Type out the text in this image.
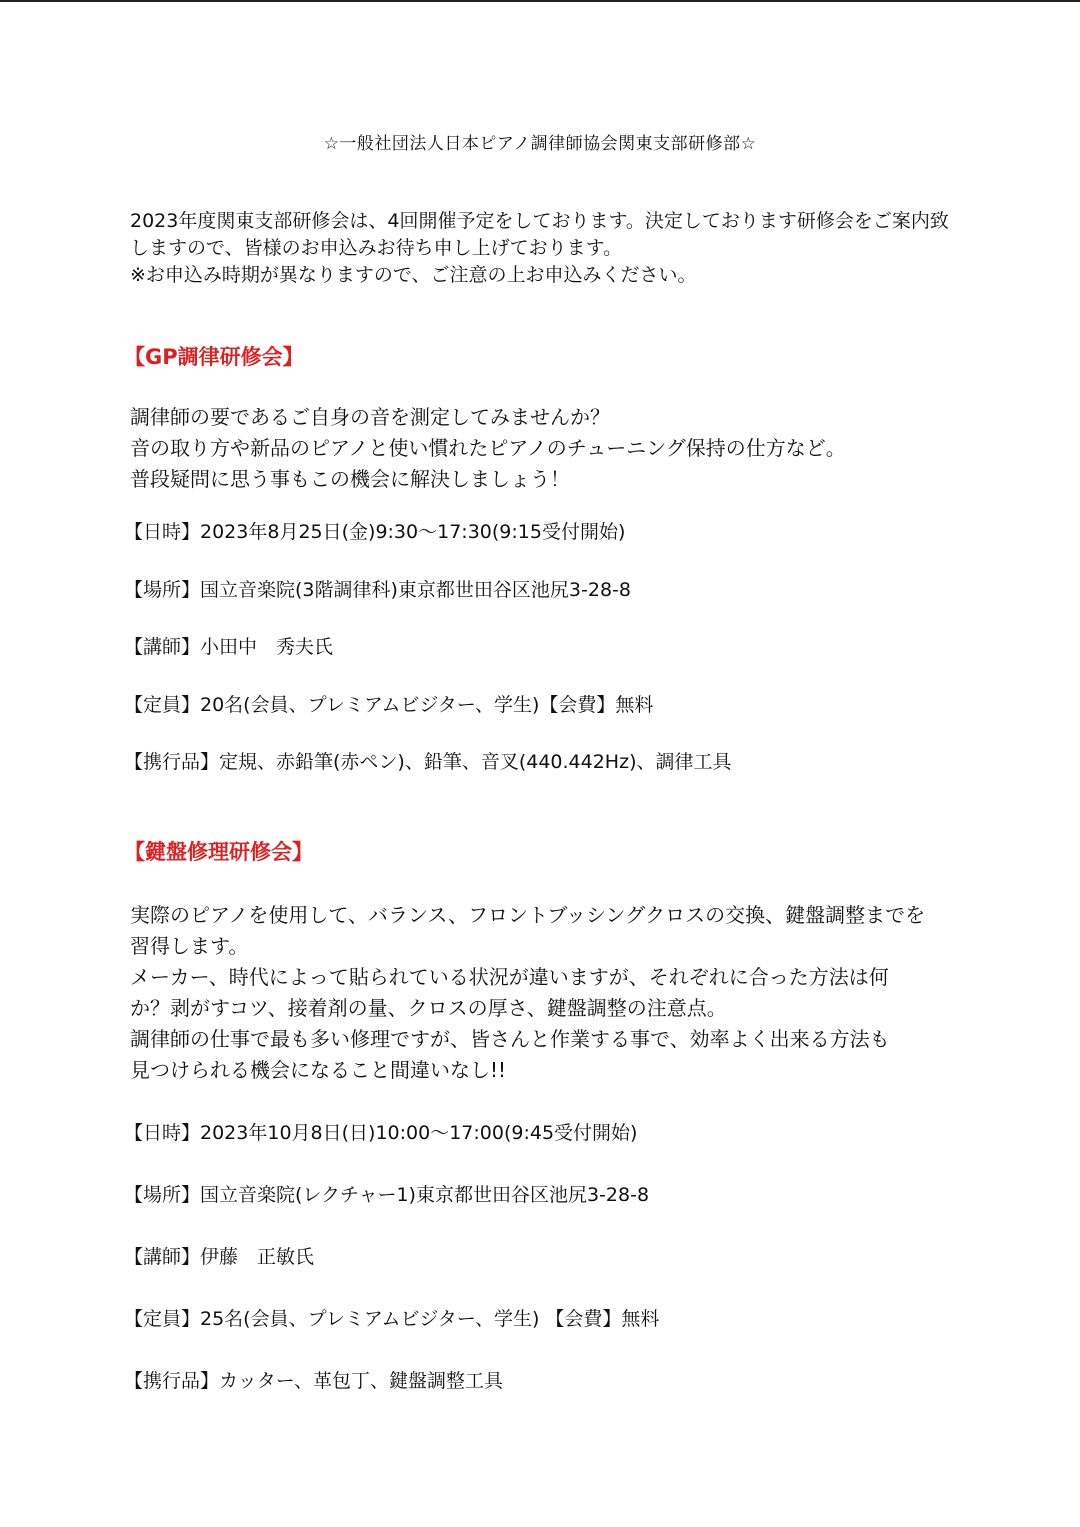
☆一般社団法人日本ピアノ調律師協会関東支部研修部☆

2023年度関東支部研修会は、4回開催予定をしております。決定しております研修会をご案内致
しますので、皆様のお申込みお待ち申し上げております。
※お申込み時期が異なりますので、ご注意の上お申込みください。

【GP調律研修会】

調律師の要であるご自身の音を測定してみませんか？
音の取り方や新品のピアノと使い慣れたピアノのチューニング保持の仕方など。
普段疑問に思う事もこの機会に解決しましょう！

【日時】2023年8月25日(金)9:30〜17:30(9:15受付開始)
【場所】国立音楽院(3階調律科)東京都世田谷区池尻3-28-8
【講師】小田中　秀夫氏
【定員】20名(会員、プレミアムビジター、学生)【会費】無料
【携行品】定規、赤鉛筆(赤ペン)、鉛筆、音叉(440.442Hz)、調律工具
【鍵盤修理研修会】

実際のピアノを使用して、バランス、フロントブッシングクロスの交換、鍵盤調整までを
習得します。
メーカー、時代によって貼られている状況が違いますが、それぞれに合った方法は何
か？剥がすコツ、接着剤の量、クロスの厚さ、鍵盤調整の注意点。
調律師の仕事で最も多い修理ですが、皆さんと作業する事で、効率よく出来る方法も
見つけられる機会になること間違いなし!!

【日時】2023年10月8日(日)10:00〜17:00(9:45受付開始)
【場所】国立音楽院(レクチャー1)東京都世田谷区池尻3-28-8
【講師】伊藤　正敏氏
【定員】25名(会員、プレミアムビジター、学生) 【会費】無料
【携行品】カッター、革包丁、鍵盤調整工具
